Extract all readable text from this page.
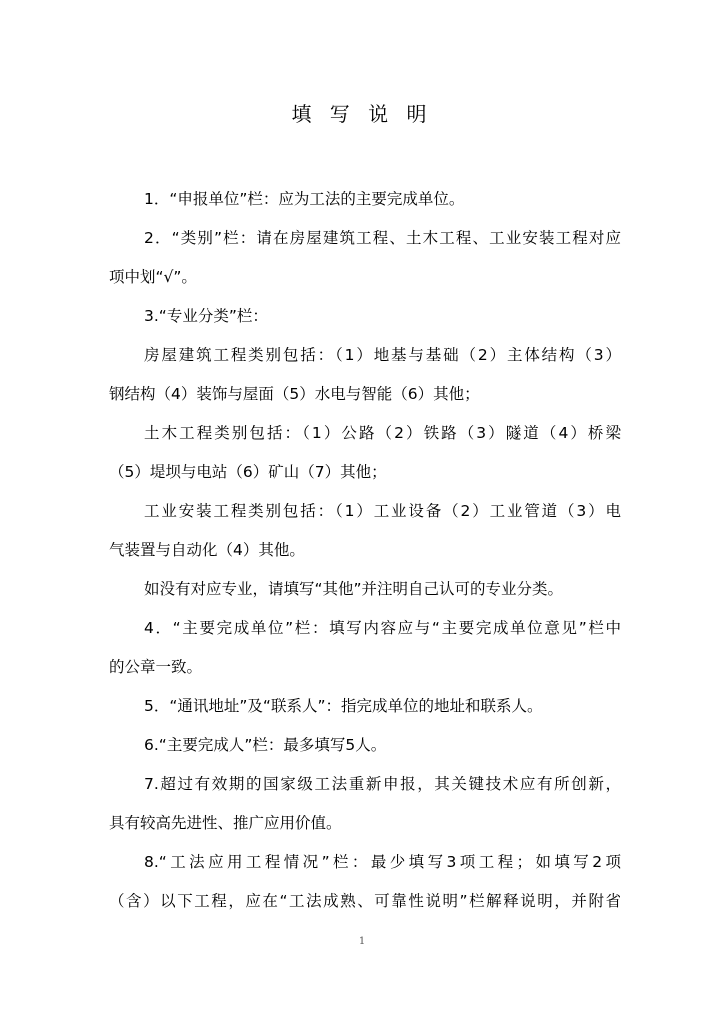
填 写 说 明
1．“申报单位”栏：应为工法的主要完成单位。
2．“类别”栏：请在房屋建筑工程、土木工程、工业安装工程对应
项中划“√”。
3.“专业分类”栏：
房屋建筑工程类别包括：（1）地基与基础（2）主体结构（3）
钢结构（4）装饰与屋面（5）水电与智能（6）其他；
土木工程类别包括：（1）公路（2）铁路（3）隧道（4）桥梁
（5）堤坝与电站（6）矿山（7）其他；
工业安装工程类别包括：（1）工业设备（2）工业管道（3）电
气装置与自动化（4）其他。
如没有对应专业，请填写“其他”并注明自己认可的专业分类。
4．“主要完成单位”栏：填写内容应与“主要完成单位意见”栏中
的公章一致。
5．“通讯地址”及“联系人”：指完成单位的地址和联系人。
6.“主要完成人”栏：最多填写5人。
7.超过有效期的国家级工法重新申报，其关键技术应有所创新，
具有较高先进性、推广应用价值。
8.“工法应用工程情况”栏：最少填写3项工程；如填写2项
（含）以下工程，应在“工法成熟、可靠性说明”栏解释说明，并附省
1
